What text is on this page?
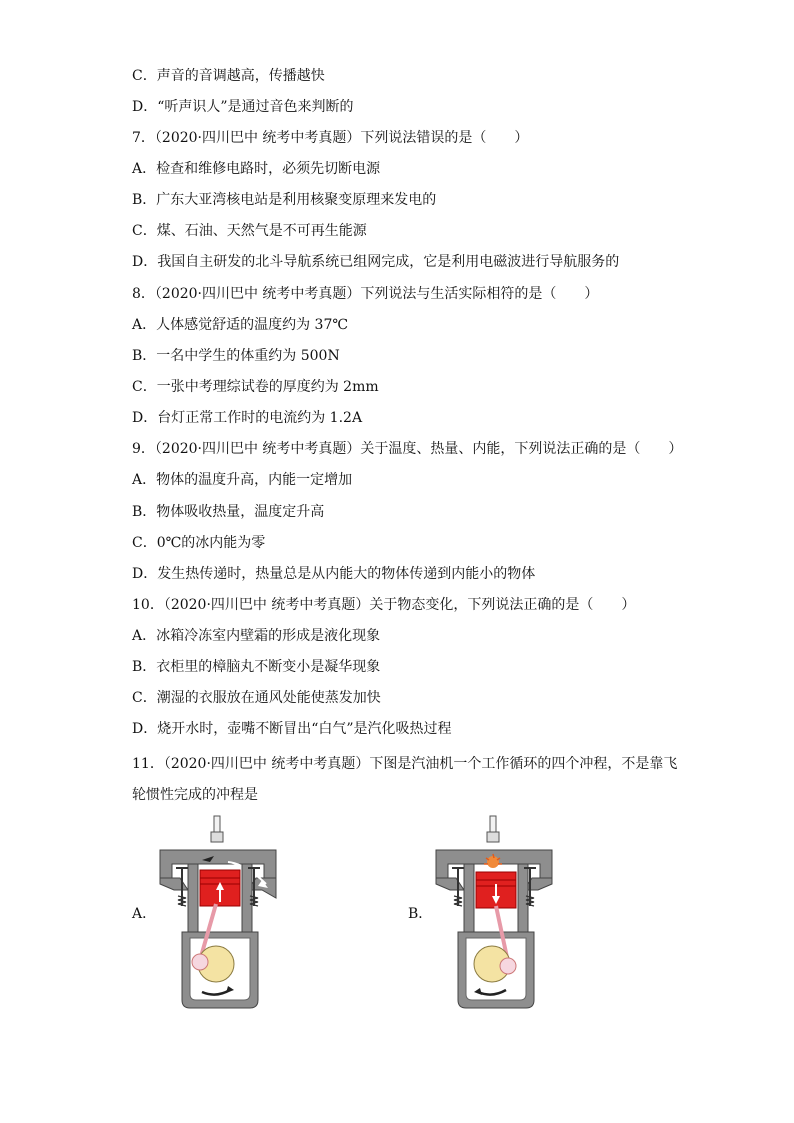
C．声音的音调越高，传播越快
D．“听声识人”是通过音色来判断的
7．（2020·四川巴中 统考中考真题）下列说法错误的是（　　）
A．检查和维修电路时，必须先切断电源
B．广东大亚湾核电站是利用核聚变原理来发电的
C．煤、石油、天然气是不可再生能源
D．我国自主研发的北斗导航系统已组网完成，它是利用电磁波进行导航服务的
8．（2020·四川巴中 统考中考真题）下列说法与生活实际相符的是（　　）
A．人体感觉舒适的温度约为 37℃
B．一名中学生的体重约为 500N
C．一张中考理综试卷的厚度约为 2mm
D．台灯正常工作时的电流约为 1.2A
9．（2020·四川巴中 统考中考真题）关于温度、热量、内能，下列说法正确的是（　　）
A．物体的温度升高，内能一定增加
B．物体吸收热量，温度定升高
C．0℃的冰内能为零
D．发生热传递时，热量总是从内能大的物体传递到内能小的物体
10．（2020·四川巴中 统考中考真题）关于物态变化，下列说法正确的是（　　）
A．冰箱冷冻室内壁霜的形成是液化现象
B．衣柜里的樟脑丸不断变小是凝华现象
C．潮湿的衣服放在通风处能使蒸发加快
D．烧开水时，壶嘴不断冒出“白气”是汽化吸热过程
11．（2020·四川巴中 统考中考真题）下图是汽油机一个工作循环的四个冲程，不是靠飞
轮惯性完成的冲程是
A．	B．
